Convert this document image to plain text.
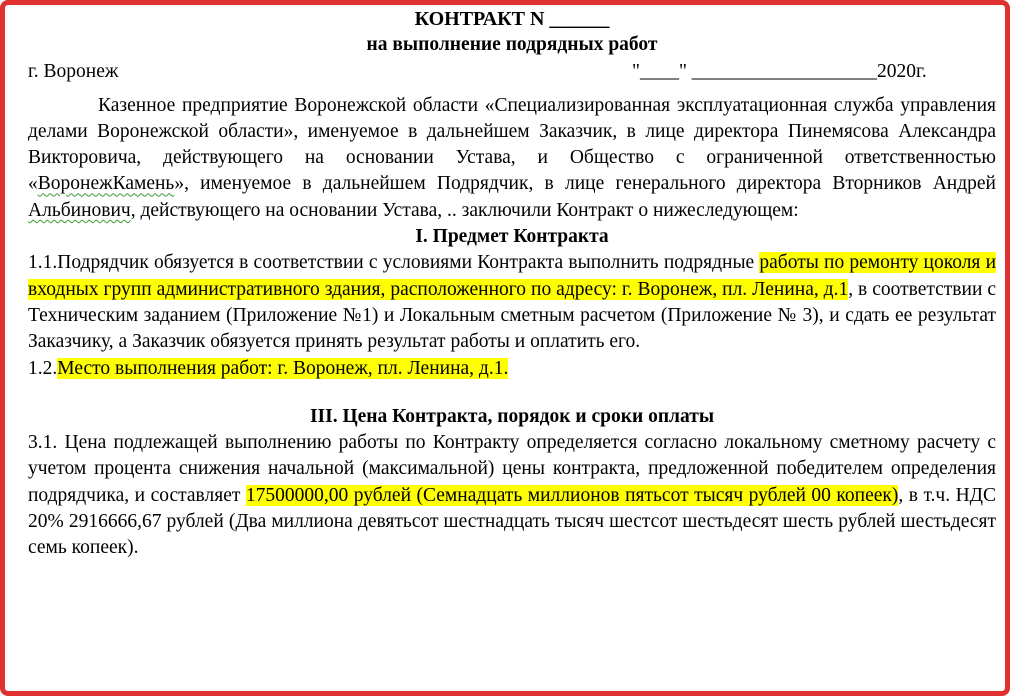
КОНТРАКТ N ______
на выполнение подрядных работ
г. Воронеж	"____" ___________________2020г.
Казенное предприятие Воронежской области «Специализированная эксплуатационная служба управления делами Воронежской области», именуемое в дальнейшем Заказчик, в лице директора Пинемясова Александра Викторовича, действующего на основании Устава, и Общество с ограниченной ответственностью «ВоронежКамень», именуемое в дальнейшем Подрядчик, в лице генерального директора Вторников Андрей Альбинович, действующего на основании Устава, .. заключили Контракт о нижеследующем:
I. Предмет Контракта
1.1.Подрядчик обязуется в соответствии с условиями Контракта выполнить подрядные работы по ремонту цоколя и входных групп административного здания, расположенного по адресу: г. Воронеж, пл. Ленина, д.1, в соответствии с Техническим заданием (Приложение №1) и Локальным сметным расчетом (Приложение № 3), и сдать ее результат Заказчику, а Заказчик обязуется принять результат работы и оплатить его.
1.2.Место выполнения работ: г. Воронеж, пл. Ленина, д.1.
III. Цена Контракта, порядок и сроки оплаты
3.1. Цена подлежащей выполнению работы по Контракту определяется согласно локальному сметному расчету с учетом процента снижения начальной (максимальной) цены контракта, предложенной победителем определения подрядчика, и составляет 17500000,00 рублей (Семнадцать миллионов пятьсот тысяч рублей 00 копеек), в т.ч. НДС 20% 2916666,67 рублей (Два миллиона девятьсот шестнадцать тысяч шестсот шестьдесят шесть рублей шестьдесят семь копеек).
